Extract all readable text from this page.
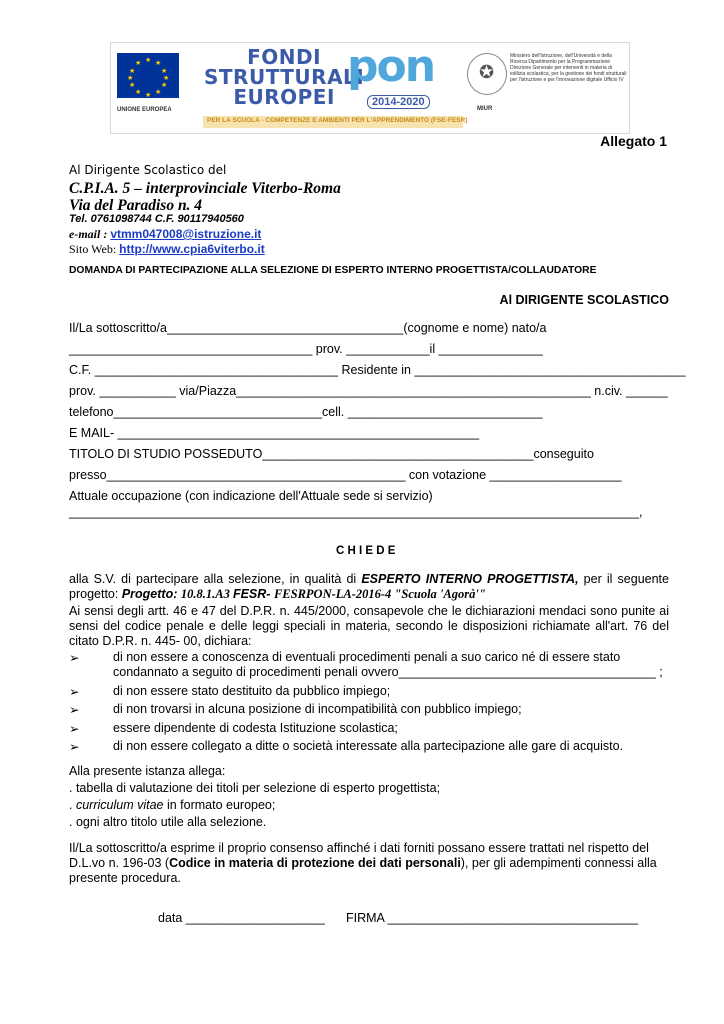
★ ★
★
★
★
★
★
★
★
★
★
★
UNIONE EUROPEA
FONDI
STRUTTURALI
EUROPEI
pon
2014-2020
✪
Ministero dell'Istruzione, dell'Università e della Ricerca Dipartimento per la Programmazione Direzione Generale per interventi in materia di edilizia scolastica, per la gestione dei fondi strutturali per l'istruzione e per l'innovazione digitale Ufficio IV
MIUR
PER LA SCUOLA - COMPETENZE E AMBIENTI PER L'APPRENDIMENTO (FSE-FESR)
Allegato 1
Al Dirigente Scolastico del
C.P.I.A. 5 – interprovinciale Viterbo-Roma
Via del Paradiso n. 4
Tel. 0761098744 C.F. 90117940560
e-mail : vtmm047008@istruzione.it
Sito Web: http://www.cpia6viterbo.it
DOMANDA DI PARTECIPAZIONE ALLA SELEZIONE DI ESPERTO INTERNO PROGETTISTA/COLLAUDATORE
Al DIRIGENTE SCOLASTICO
Il/La sottoscritto/a__________________________________(cognome e nome) nato/a
___________________________________ prov. ____________il _______________
C.F. ___________________________________ Residente in _______________________________________
prov. ___________ via/Piazza___________________________________________________ n.civ. ______
telefono______________________________cell. ____________________________
E MAIL- ____________________________________________________
TITOLO DI STUDIO POSSEDUTO_______________________________________conseguito
presso___________________________________________ con votazione ___________________
Attuale occupazione (con indicazione dell'Attuale sede si servizio)
__________________________________________________________________________________,
C H I E D E
alla S.V. di partecipare alla selezione, in qualità di ESPERTO INTERNO PROGETTISTA, per il seguente progetto: Progetto: 10.8.1.A3 FESR- FESRPON-LA-2016-4 "Scuola 'Agorà'"
Ai sensi degli artt. 46 e 47 del D.P.R. n. 445/2000, consapevole che le dichiarazioni mendaci sono punite ai sensi del codice penale e delle leggi speciali in materia, secondo le disposizioni richiamate all'art. 76 del citato D.P.R. n. 445- 00, dichiara:
➢	di non essere a conoscenza di eventuali procedimenti penali a suo carico né di essere stato
condannato a seguito di procedimenti penali ovvero_____________________________________ ;
➢	di non essere stato destituito da pubblico impiego;
➢	di non trovarsi in alcuna posizione di incompatibilità con pubblico impiego;
➢	essere dipendente di codesta Istituzione scolastica;
➢	di non essere collegato a ditte o società interessate alla partecipazione alle gare di acquisto.
Alla presente istanza allega:
. tabella di valutazione dei titoli per selezione di esperto progettista;
. curriculum vitae in formato europeo;
. ogni altro titolo utile alla selezione.
Il/La sottoscritto/a esprime il proprio consenso affinché i dati forniti possano essere trattati nel rispetto del D.L.vo n. 196-03 (Codice in materia di protezione dei dati personali), per gli adempimenti connessi alla presente procedura.
data ____________________ FIRMA ____________________________________
